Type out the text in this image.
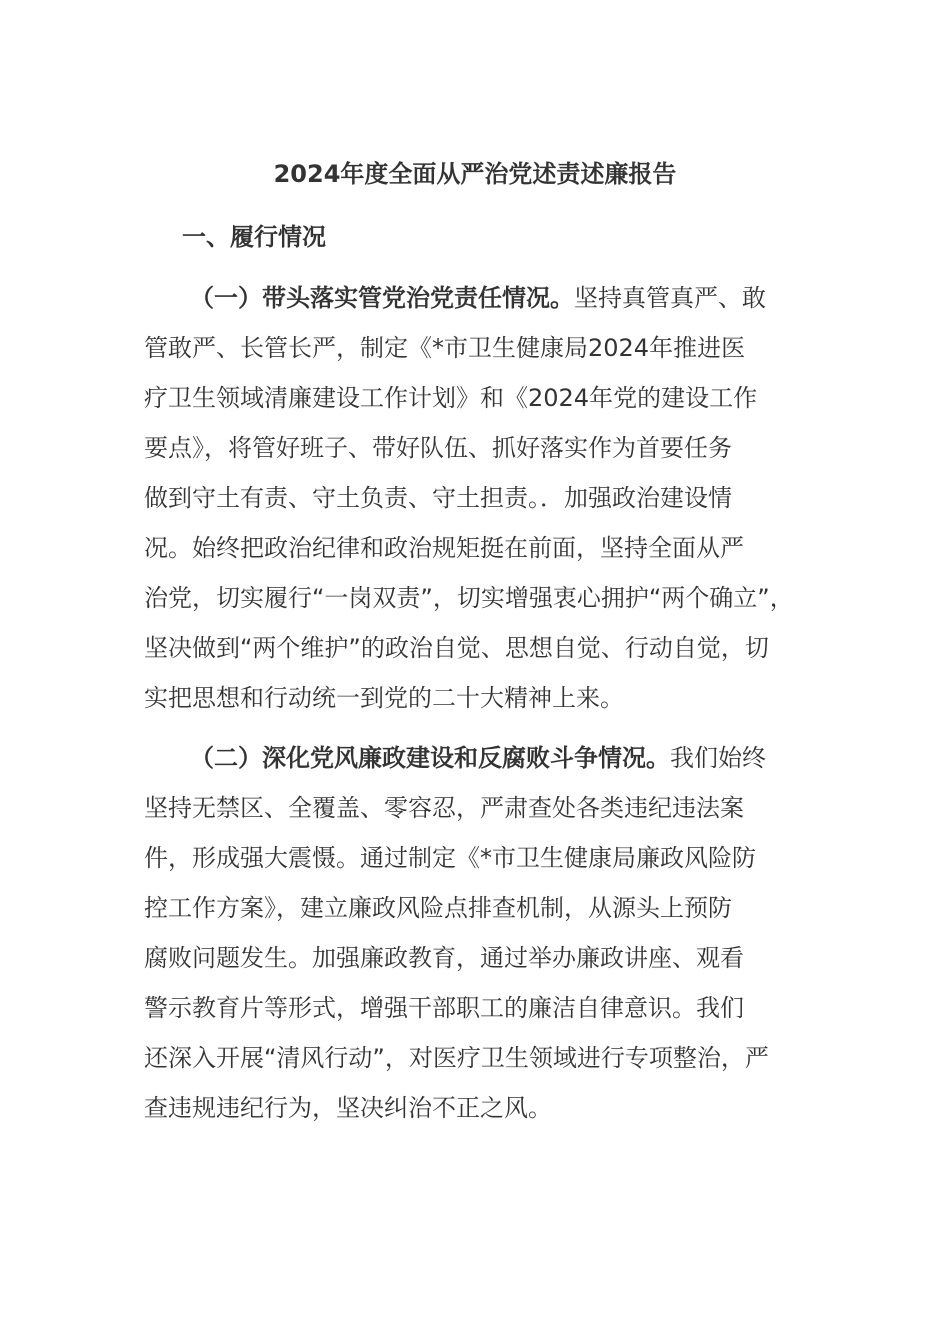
2024年度全面从严治党述责述廉报告
一、履行情况
（一）带头落实管党治党责任情况。坚持真管真严、敢
管敢严、长管长严，制定《*市卫生健康局2024年推进医
疗卫生领域清廉建设工作计划》和《2024年党的建设工作
要点》，将管好班子、带好队伍、抓好落实作为首要任务
做到守土有责、守土负责、守土担责。．加强政治建设情
况。始终把政治纪律和政治规矩挺在前面，坚持全面从严
治党，切实履行“一岗双责”，切实增强衷心拥护“两个确立”，
坚决做到“两个维护”的政治自觉、思想自觉、行动自觉，切
实把思想和行动统一到党的二十大精神上来。
（二）深化党风廉政建设和反腐败斗争情况。我们始终
坚持无禁区、全覆盖、零容忍，严肃查处各类违纪违法案
件，形成强大震慑。通过制定《*市卫生健康局廉政风险防
控工作方案》，建立廉政风险点排查机制，从源头上预防
腐败问题发生。加强廉政教育，通过举办廉政讲座、观看
警示教育片等形式，增强干部职工的廉洁自律意识。我们
还深入开展“清风行动”，对医疗卫生领域进行专项整治，严
查违规违纪行为，坚决纠治不正之风。
